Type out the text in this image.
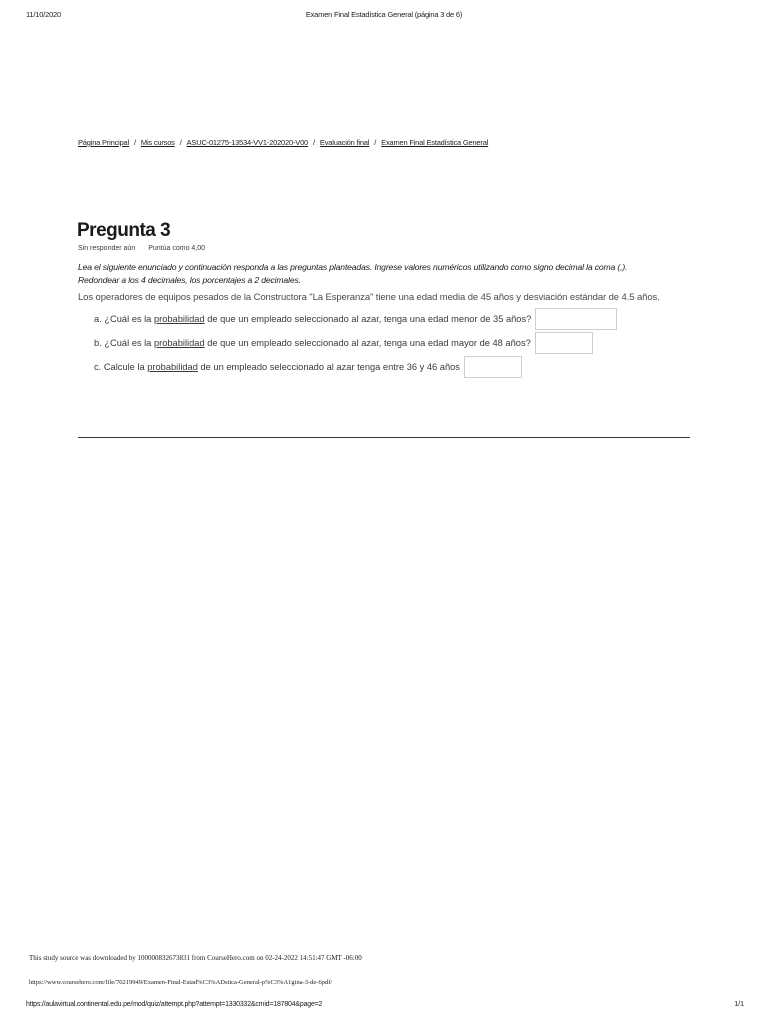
11/10/2020	Examen Final Estadística General (página 3 de 6)
Página Principal / Mis cursos / ASUC-01275-13534-VV1-202020-V00 / Evaluación final / Examen Final Estadística General
Pregunta 3
Sin responder aún Puntúa como 4,00
Lea el siguiente enunciado y continuación responda a las preguntas planteadas. Ingrese valores numéricos utilizando como signo decimal la coma (,).
Redondear a los 4 decimales, los porcentajes a 2 decimales.
Los operadores de equipos pesados de la Constructora "La Esperanza" tiene una edad media de 45 años y desviación estándar de 4.5 años.
a. ¿Cuál es la probabilidad de que un empleado seleccionado al azar, tenga una edad menor de 35 años?
b. ¿Cuál es la probabilidad de que un empleado seleccionado al azar, tenga una edad mayor de 48 años?
c. Calcule la probabilidad de un empleado seleccionado al azar tenga entre 36 y 46 años
This study source was downloaded by 100000832673831 from CourseHero.com on 02-24-2022 14:51:47 GMT -06:00
https://www.coursehero.com/file/70219949/Examen-Final-Estad%C3%ADstica-General-p%C3%A1gina-3-de-6pdf/
https://aulavirtual.continental.edu.pe/mod/quiz/attempt.php?attempt=1330332&cmid=187804&page=2	1/1
